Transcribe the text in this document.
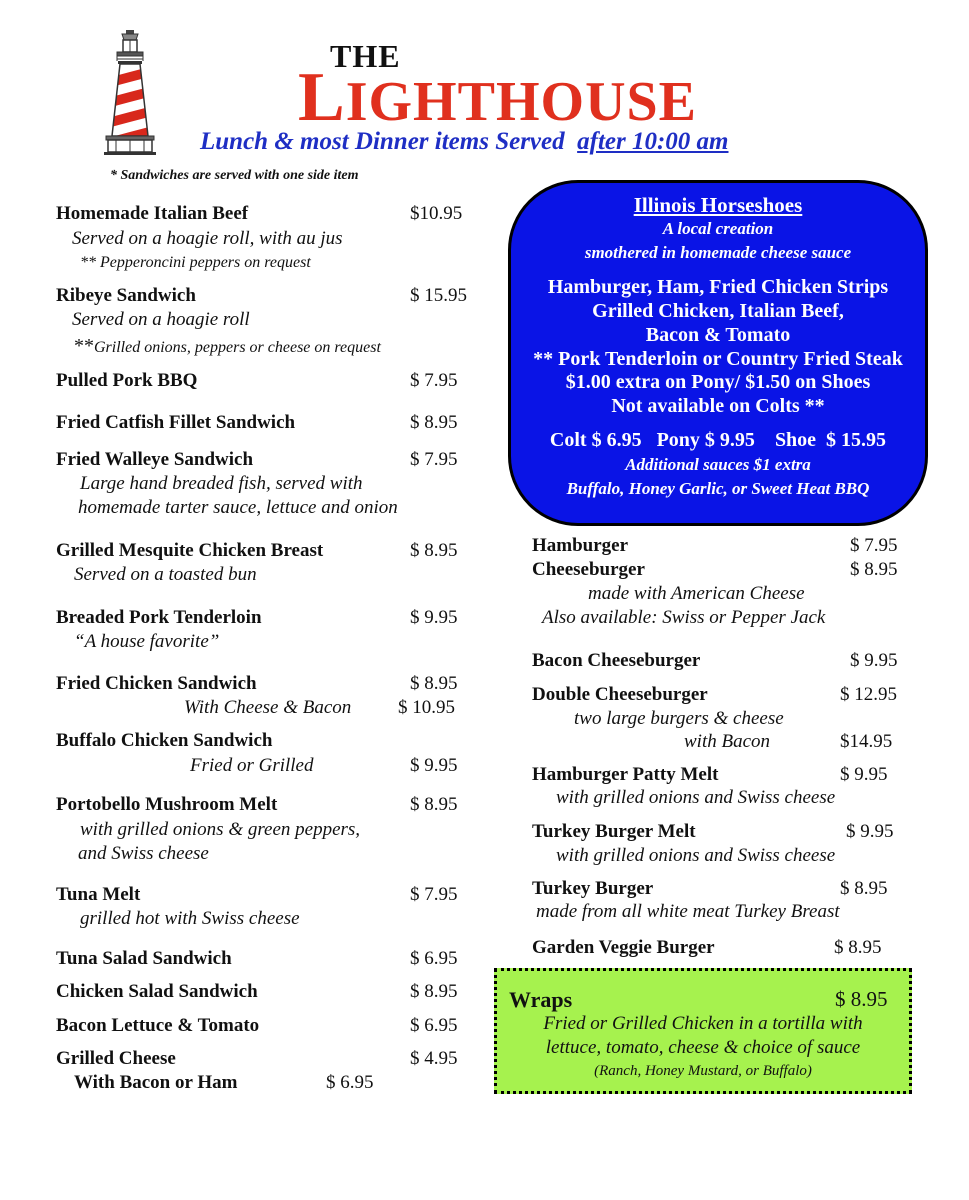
THE
LIGHTHOUSE
Lunch & most Dinner items Served after 10:00 am
* Sandwiches are served with one side item
Homemade Italian Beef	$10.95
Served on a hoagie roll, with au jus
** Pepperoncini peppers on request
Ribeye Sandwich	$ 15.95
Served on a hoagie roll
**Grilled onions, peppers or cheese on request
Pulled Pork BBQ	$ 7.95
Fried Catfish Fillet Sandwich	$ 8.95
Fried Walleye Sandwich	$ 7.95
Large hand breaded fish, served with
homemade tarter sauce, lettuce and onion
Grilled Mesquite Chicken Breast	$ 8.95
Served on a toasted bun
Breaded Pork Tenderloin	$ 9.95
“A house favorite”
Fried Chicken Sandwich	$ 8.95
With Cheese & Bacon $ 10.95
Buffalo Chicken Sandwich
Fried or Grilled	$ 9.95
Portobello Mushroom Melt	$ 8.95
with grilled onions & green peppers,
and Swiss cheese
Tuna Melt	$ 7.95
grilled hot with Swiss cheese
Tuna Salad Sandwich	$ 6.95
Chicken Salad Sandwich	$ 8.95
Bacon Lettuce & Tomato	$ 6.95
Grilled Cheese	$ 4.95
With Bacon or Ham	$ 6.95
Illinois Horseshoes
A local creation
smothered in homemade cheese sauce
Hamburger, Ham, Fried Chicken Strips
Grilled Chicken, Italian Beef,
Bacon & Tomato
** Pork Tenderloin or Country Fried Steak
$1.00 extra on Pony/ $1.50 on Shoes
Not available on Colts **
Colt $ 6.95 Pony $ 9.95 Shoe  $ 15.95
Additional sauces $1 extra
Buffalo, Honey Garlic, or Sweet Heat BBQ
Hamburger	$ 7.95
Cheeseburger	$ 8.95
made with American Cheese
Also available: Swiss or Pepper Jack
Bacon Cheeseburger	$ 9.95
Double Cheeseburger	$ 12.95
two large burgers & cheese
with Bacon	$14.95
Hamburger Patty Melt	$ 9.95
with grilled onions and Swiss cheese
Turkey Burger Melt	$ 9.95
with grilled onions and Swiss cheese
Turkey Burger	$ 8.95
made from all white meat Turkey Breast
Garden Veggie Burger	$ 8.95
Wraps	$ 8.95
Fried or Grilled Chicken in a tortilla with
lettuce, tomato, cheese & choice of sauce
(Ranch, Honey Mustard, or Buffalo)
